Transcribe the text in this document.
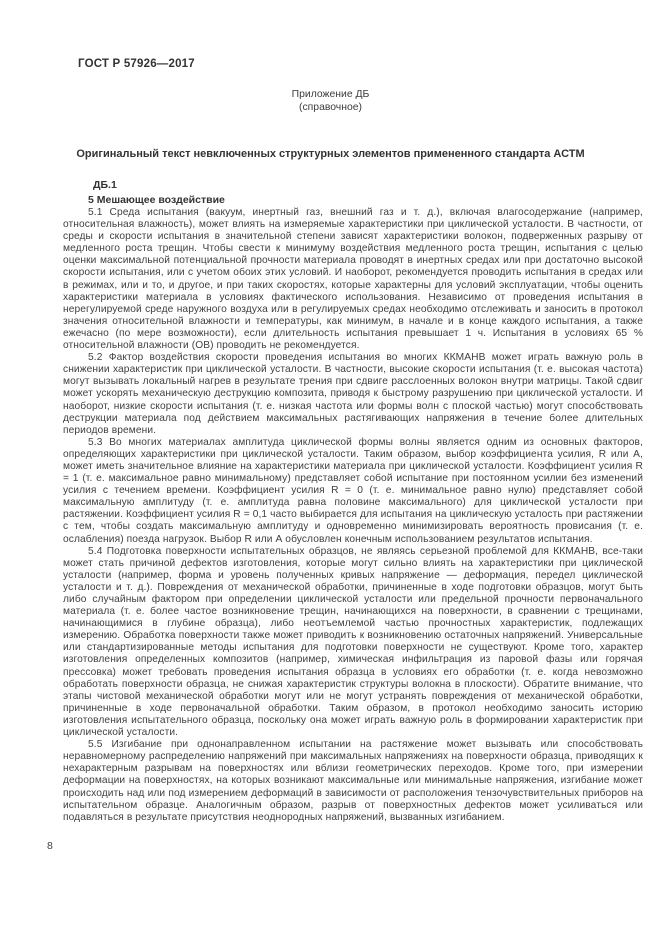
ГОСТ Р 57926—2017
Приложение ДБ
(справочное)
Оригинальный текст невключенных структурных элементов примененного стандарта АСТМ
ДБ.1
5 Мешающее воздействие

5.1 Среда испытания (вакуум, инертный газ, внешний газ и т. д.), включая влагосодержание (например, относительная влажность), может влиять на измеряемые характеристики при циклической усталости. В частности, от среды и скорости испытания в значительной степени зависят характеристики волокон, подверженных разрыву от медленного роста трещин. Чтобы свести к минимуму воздействия медленного роста трещин, испытания с целью оценки максимальной потенциальной прочности материала проводят в инертных средах или при достаточно высокой скорости испытания, или с учетом обоих этих условий. И наоборот, рекомендуется проводить испытания в средах или в режимах, или и то, и другое, и при таких скоростях, которые характерны для условий эксплуатации, чтобы оценить характеристики материала в условиях фактического использования. Независимо от проведения испытания в нерегулируемой среде наружного воздуха или в регулируемых средах необходимо отслеживать и заносить в протокол значения относительной влажности и температуры, как минимум, в начале и в конце каждого испытания, а также ежечасно (по мере возможности), если длительность испытания превышает 1 ч. Испытания в условиях 65 % относительной влажности (ОВ) проводить не рекомендуется.

5.2 Фактор воздействия скорости проведения испытания во многих ККМАНВ может играть важную роль в снижении характеристик при циклической усталости. В частности, высокие скорости испытания (т. е. высокая частота) могут вызывать локальный нагрев в результате трения при сдвиге расслоенных волокон внутри матрицы. Такой сдвиг может ускорять механическую деструкцию композита, приводя к быстрому разрушению при циклической усталости. И наоборот, низкие скорости испытания (т. е. низкая частота или формы волн с плоской частью) могут способствовать деструкции материала под действием максимальных растягивающих напряжения в течение более длительных периодов времени.

5.3 Во многих материалах амплитуда циклической формы волны является одним из основных факторов, определяющих характеристики при циклической усталости. Таким образом, выбор коэффициента усилия, R или А, может иметь значительное влияние на характеристики материала при циклической усталости. Коэффициент усилия R = 1 (т. е. максимальное равно минимальному) представляет собой испытание при постоянном усилии без изменений усилия с течением времени. Коэффициент усилия R = 0 (т. е. минимальное равно нулю) представляет собой максимальную амплитуду (т. е. амплитуда равна половине максимального) для циклической усталости при растяжении. Коэффициент усилия R = 0,1 часто выбирается для испытания на циклическую усталость при растяжении с тем, чтобы создать максимальную амплитуду и одновременно минимизировать вероятность провисания (т. е. ослабления) поезда нагрузок. Выбор R или А обусловлен конечным использованием результатов испытания.

5.4 Подготовка поверхности испытательных образцов, не являясь серьезной проблемой для ККМАНВ, все-таки может стать причиной дефектов изготовления, которые могут сильно влиять на характеристики при циклической усталости (например, форма и уровень полученных кривых напряжение — деформация, передел циклической усталости и т. д.). Повреждения от механической обработки, причиненные в ходе подготовки образцов, могут быть либо случайным фактором при определении циклической усталости или предельной прочности первоначального материала (т. е. более частое возникновение трещин, начинающихся на поверхности, в сравнении с трещинами, начинающимися в глубине образца), либо неотъемлемой частью прочностных характеристик, подлежащих измерению. Обработка поверхности также может приводить к возникновению остаточных напряжений. Универсальные или стандартизированные методы испытания для подготовки поверхности не существуют. Кроме того, характер изготовления определенных композитов (например, химическая инфильтрация из паровой фазы или горячая прессовка) может требовать проведения испытания образца в условиях его обработки (т. е. когда невозможно обработать поверхности образца, не снижая характеристик структуры волокна в плоскости). Обратите внимание, что этапы чистовой механической обработки могут или не могут устранять повреждения от механической обработки, причиненные в ходе первоначальной обработки. Таким образом, в протокол необходимо заносить историю изготовления испытательного образца, поскольку она может играть важную роль в формировании характеристик при циклической усталости.

5.5 Изгибание при однонаправленном испытании на растяжение может вызывать или способствовать неравномерному распределению напряжений при максимальных напряжениях на поверхности образца, приводящих к нехарактерным разрывам на поверхностях или вблизи геометрических переходов. Кроме того, при измерении деформации на поверхностях, на которых возникают максимальные или минимальные напряжения, изгибание может происходить над или под измерением деформаций в зависимости от расположения тензочувствительных приборов на испытательном образце. Аналогичным образом, разрыв от поверхностных дефектов может усиливаться или подавляться в результате присутствия неоднородных напряжений, вызванных изгибанием.

8
